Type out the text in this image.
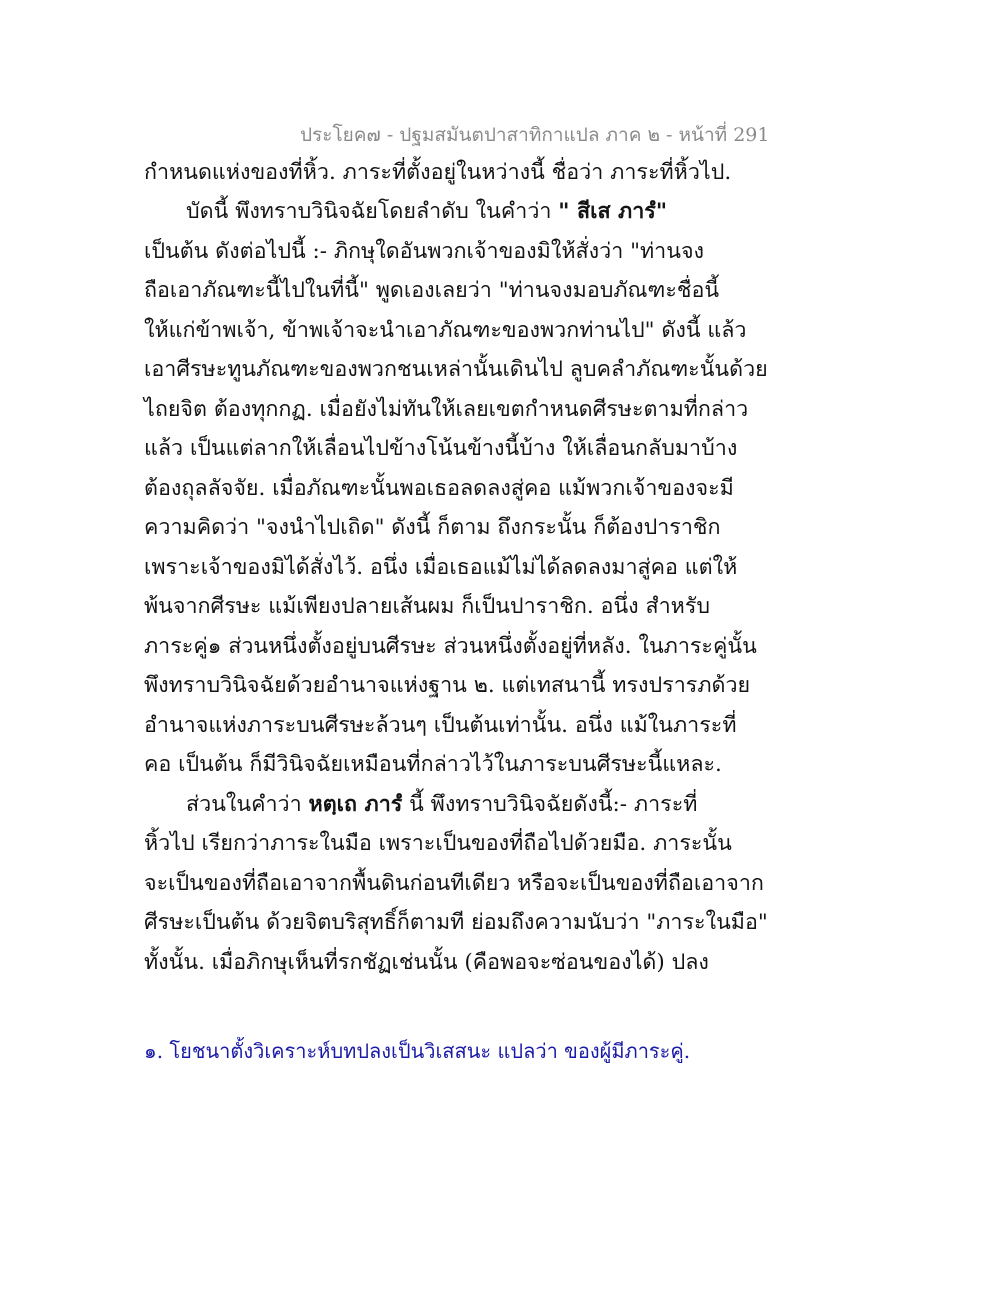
ประโยค๗ - ปฐมสมันตปาสาทิกาแปล ภาค ๒ - หน้าที่ 291
กำหนดแห่งของที่หิ้ว. ภาระที่ตั้งอยู่ในหว่างนี้ ชื่อว่า ภาระที่หิ้วไป.
บัดนี้ พึงทราบวินิจฉัยโดยลำดับ ในคำว่า " สีเส ภารํ"
เป็นต้น ดังต่อไปนี้ :- ภิกษุใดอันพวกเจ้าของมิให้สั่งว่า "ท่านจง
ถือเอาภัณฑะนี้ไปในที่นี้" พูดเองเลยว่า "ท่านจงมอบภัณฑะชื่อนี้
ให้แก่ข้าพเจ้า, ข้าพเจ้าจะนำเอาภัณฑะของพวกท่านไป" ดังนี้ แล้ว
เอาศีรษะทูนภัณฑะของพวกชนเหล่านั้นเดินไป ลูบคลำภัณฑะนั้นด้วย
ไถยจิต ต้องทุกกฏ. เมื่อยังไม่ทันให้เลยเขตกำหนดศีรษะตามที่กล่าว
แล้ว เป็นแต่ลากให้เลื่อนไปข้างโน้นข้างนี้บ้าง ให้เลื่อนกลับมาบ้าง
ต้องถุลลัจจัย. เมื่อภัณฑะนั้นพอเธอลดลงสู่คอ แม้พวกเจ้าของจะมี
ความคิดว่า "จงนำไปเถิด" ดังนี้ ก็ตาม ถึงกระนั้น ก็ต้องปาราชิก
เพราะเจ้าของมิได้สั่งไว้. อนึ่ง เมื่อเธอแม้ไม่ได้ลดลงมาสู่คอ แต่ให้
พ้นจากศีรษะ แม้เพียงปลายเส้นผม ก็เป็นปาราชิก. อนึ่ง สำหรับ
ภาระคู่๑ ส่วนหนึ่งตั้งอยู่บนศีรษะ ส่วนหนึ่งตั้งอยู่ที่หลัง. ในภาระคู่นั้น
พึงทราบวินิจฉัยด้วยอำนาจแห่งฐาน ๒. แต่เทสนานี้ ทรงปรารภด้วย
อำนาจแห่งภาระบนศีรษะล้วนๆ เป็นต้นเท่านั้น. อนึ่ง แม้ในภาระที่
คอ เป็นต้น ก็มีวินิจฉัยเหมือนที่กล่าวไว้ในภาระบนศีรษะนี้แหละ.
ส่วนในคำว่า หตฺเถ ภารํ นี้ พึงทราบวินิจฉัยดังนี้:- ภาระที่
หิ้วไป เรียกว่าภาระในมือ เพราะเป็นของที่ถือไปด้วยมือ. ภาระนั้น
จะเป็นของที่ถือเอาจากพื้นดินก่อนทีเดียว หรือจะเป็นของที่ถือเอาจาก
ศีรษะเป็นต้น ด้วยจิตบริสุทธิ์ก็ตามที ย่อมถึงความนับว่า "ภาระในมือ"
ทั้งนั้น. เมื่อภิกษุเห็นที่รกชัฏเช่นนั้น (คือพอจะซ่อนของได้) ปลง
๑. โยชนาตั้งวิเคราะห์บทปลงเป็นวิเสสนะ แปลว่า ของผู้มีภาระคู่.
